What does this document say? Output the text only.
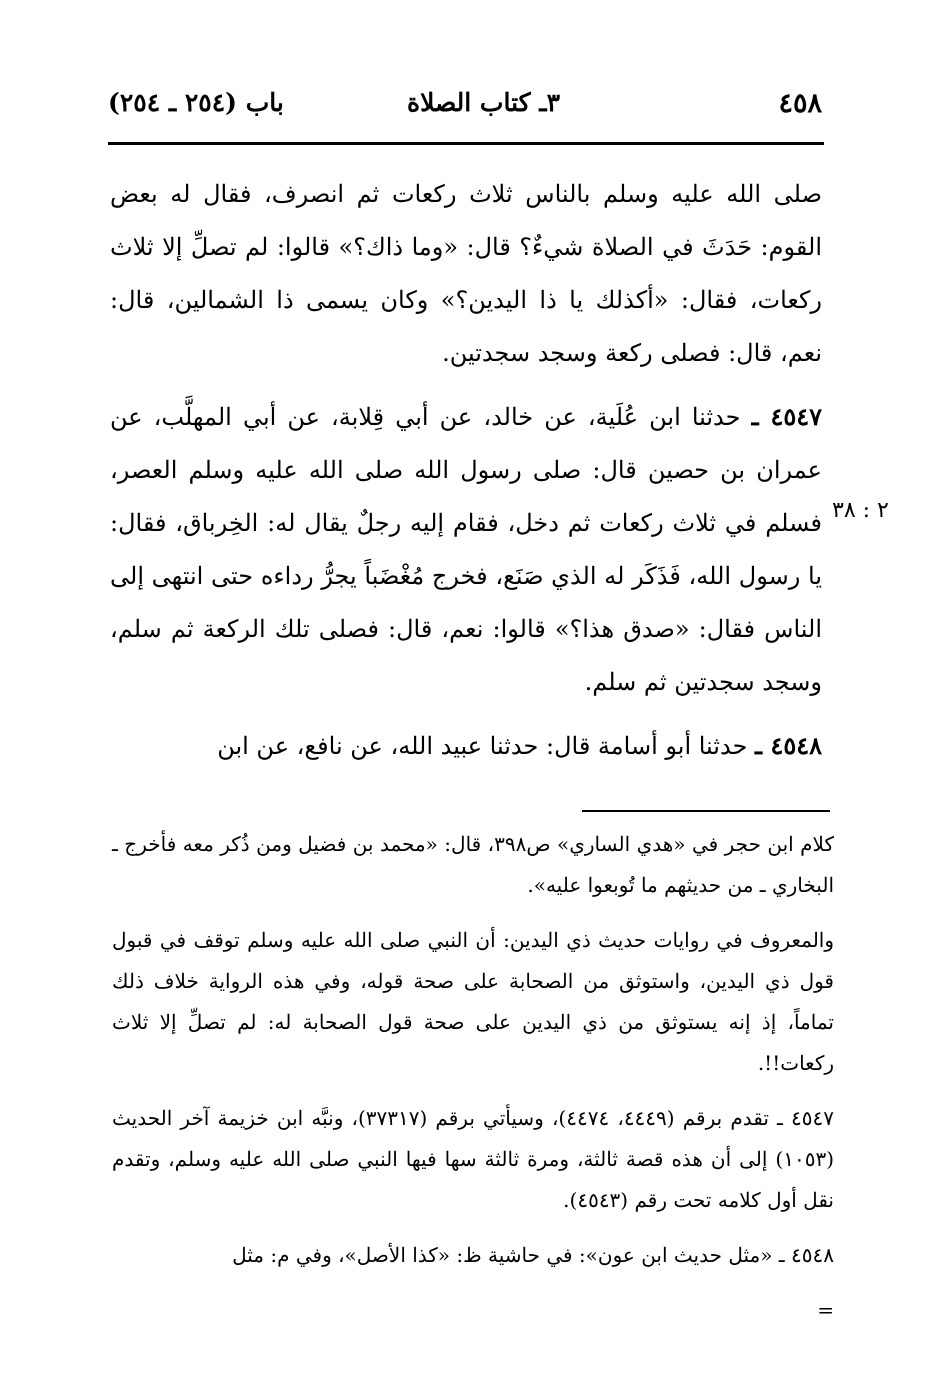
٤٥٨
٣ـ كتاب الصلاة
باب (٢٥٤ ـ ٢٥٤)
٢ : ٣٨

صلى الله عليه وسلم بالناس ثلاث ركعات ثم انصرف، فقال له بعض القوم: حَدَثَ في الصلاة شيءٌ؟ قال: «وما ذاك؟» قالوا: لم تصلِّ إلا ثلاث ركعات، فقال: «أكذلك يا ذا اليدين؟» وكان يسمى ذا الشمالين، قال: نعم، قال: فصلى ركعة وسجد سجدتين.

٤٥٤٧ ـ حدثنا ابن عُلَية، عن خالد، عن أبي قِلابة، عن أبي المهلَّب، عن عمران بن حصين قال: صلى رسول الله صلى الله عليه وسلم العصر، فسلم في ثلاث ركعات ثم دخل، فقام إليه رجلٌ يقال له: الخِرباق، فقال: يا رسول الله، فَذَكَر له الذي صَنَع، فخرج مُغْضَباً يجرُّ رداءه حتى انتهى إلى الناس فقال: «صدق هذا؟» قالوا: نعم، قال: فصلى تلك الركعة ثم سلم، وسجد سجدتين ثم سلم.

٤٥٤٨ ـ حدثنا أبو أسامة قال: حدثنا عبيد الله، عن نافع، عن ابن

كلام ابن حجر في «هدي الساري» ص٣٩٨، قال: «محمد بن فضيل ومن ذُكر معه فأخرج ـ البخاري ـ من حديثهم ما تُوبعوا عليه».

والمعروف في روايات حديث ذي اليدين: أن النبي صلى الله عليه وسلم توقف في قبول قول ذي اليدين، واستوثق من الصحابة على صحة قوله، وفي هذه الرواية خلاف ذلك تماماً، إذ إنه يستوثق من ذي اليدين على صحة قول الصحابة له: لم تصلِّ إلا ثلاث ركعات!!.

٤٥٤٧ ـ تقدم برقم (٤٤٤٩، ٤٤٧٤)، وسيأتي برقم (٣٧٣١٧)، ونبَّه ابن خزيمة آخر الحديث (١٠٥٣) إلى أن هذه قصة ثالثة، ومرة ثالثة سها فيها النبي صلى الله عليه وسلم، وتقدم نقل أول كلامه تحت رقم (٤٥٤٣).

٤٥٤٨ ـ «مثل حديث ابن عون»: في حاشية ظ: «كذا الأصل»، وفي م: مثل

=
